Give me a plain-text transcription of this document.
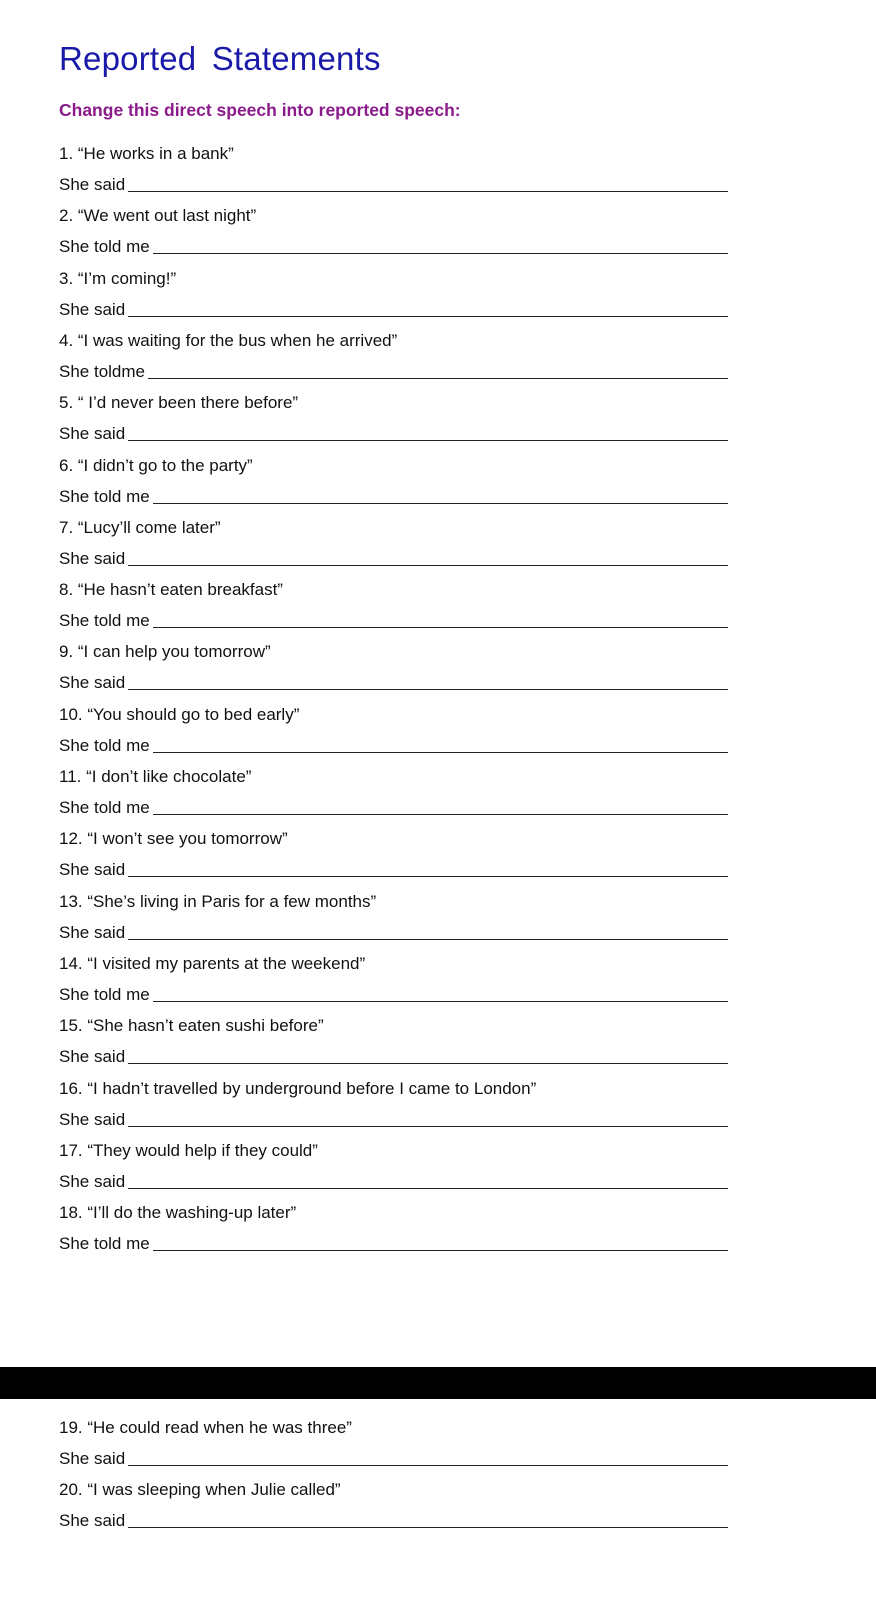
Reported Statements

Change this direct speech into reported speech:

1. “He works in a bank”
She said
2. “We went out last night”
She told me
3. “I’m coming!”
She said
4. “I was waiting for the bus when he arrived”
She toldme
5. “ I’d never been there before”
She said
6. “I didn’t go to the party”
She told me
7. “Lucy’ll come later”
She said
8. “He hasn’t eaten breakfast”
She told me
9. “I can help you tomorrow”
She said
10. “You should go to bed early”
She told me
11. “I don’t like chocolate”
She told me
12. “I won’t see you tomorrow”
She said
13. “She’s living in Paris for a few months”
She said
14. “I visited my parents at the weekend”
She told me
15. “She hasn’t eaten sushi before”
She said
16. “I hadn’t travelled by underground before I came to London”
She said
17. “They would help if they could”
She said
18. “I’ll do the washing-up later”
She told me
19. “He could read when he was three”
She said
20. “I was sleeping when Julie called”
She said
